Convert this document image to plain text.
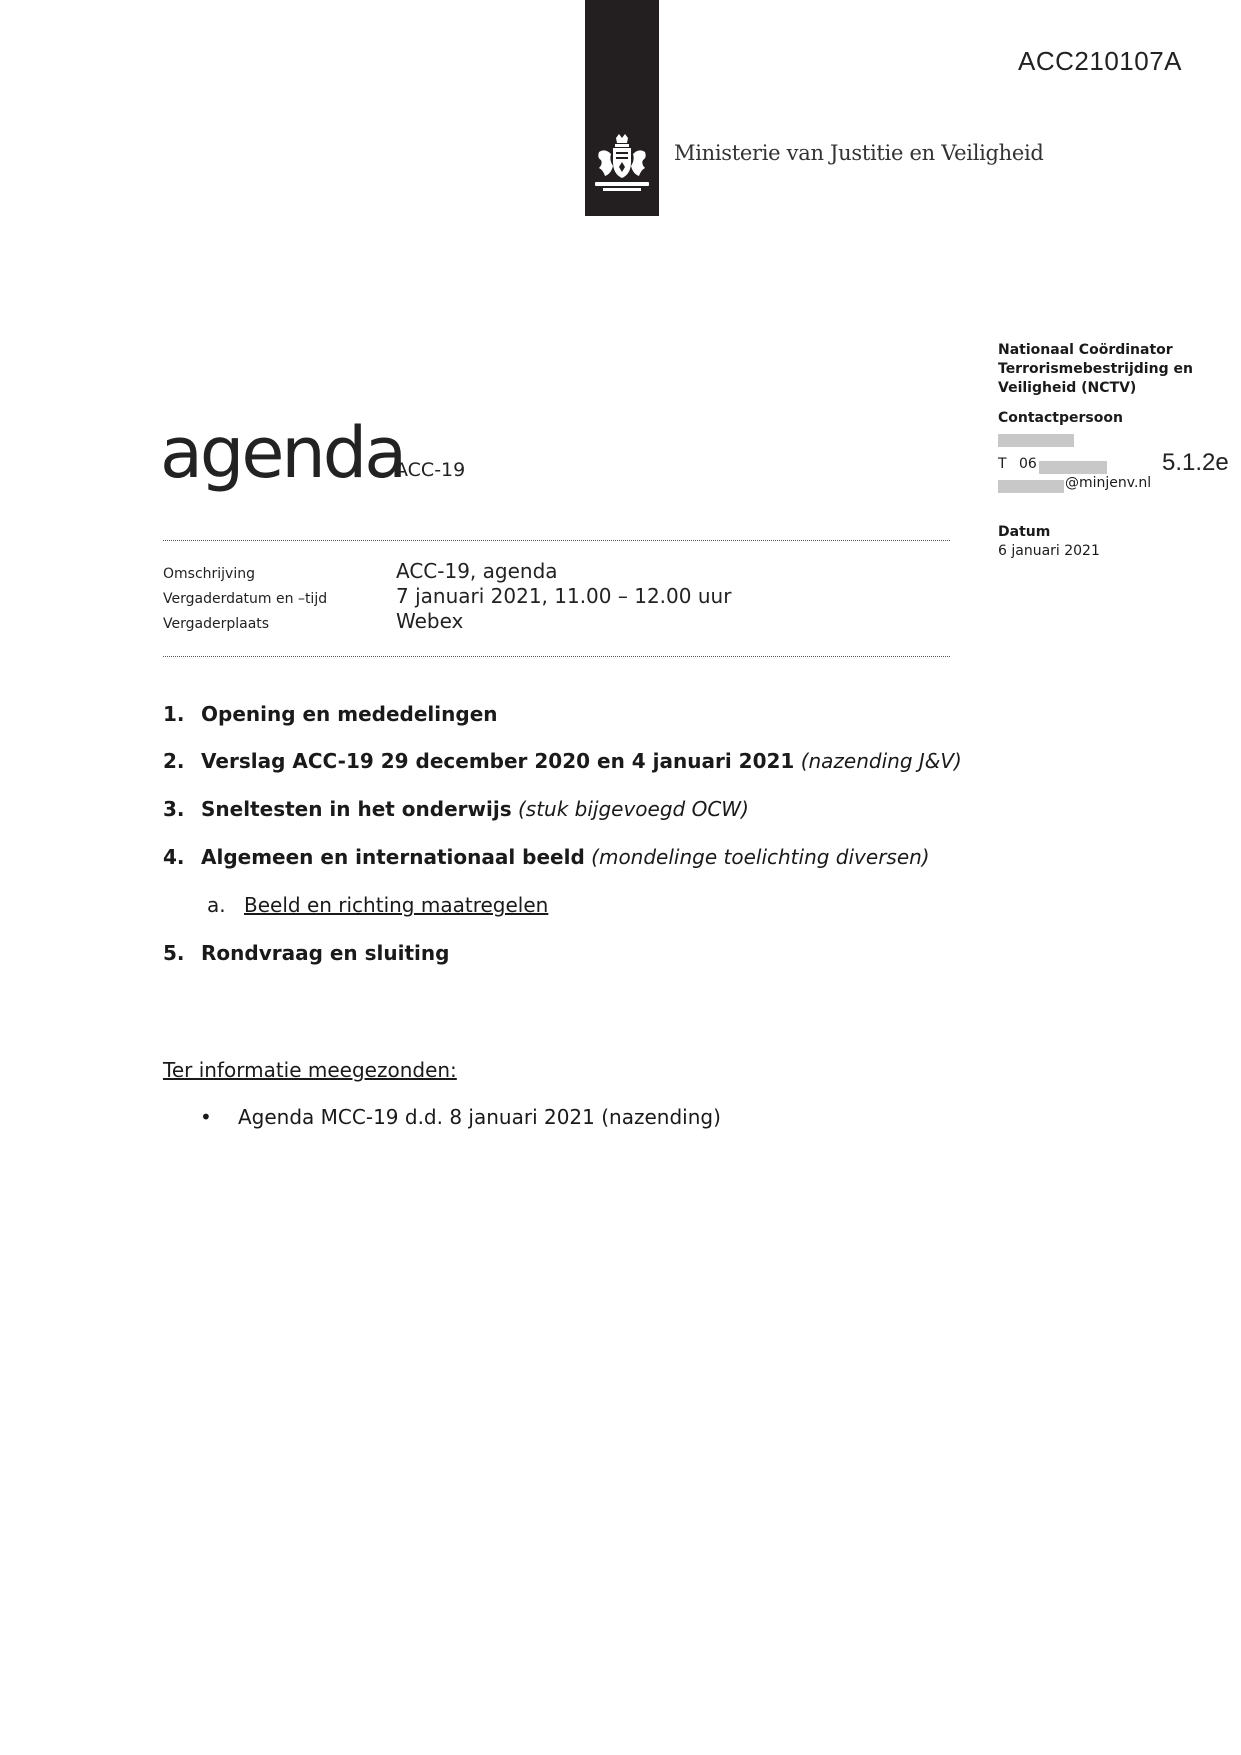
ACC210107A
Ministerie van Justitie en Veiligheid
Nationaal Coördinator Terrorismebestrijding en Veiligheid (NCTV)
Contactpersoon
T 06
@minjenv.nl
5.1.2e
Datum
6 januari 2021
agenda
ACC-19
Omschrijving	ACC-19, agenda
Vergaderdatum en –tijd	7 januari 2021, 11.00 – 12.00 uur
Vergaderplaats	Webex
1. Opening en mededelingen
2. Verslag ACC-19 29 december 2020 en 4 januari 2021 (nazending J&V)
3. Sneltesten in het onderwijs (stuk bijgevoegd OCW)
4. Algemeen en internationaal beeld (mondelinge toelichting diversen)
a. Beeld en richting maatregelen
5. Rondvraag en sluiting
Ter informatie meegezonden:
• Agenda MCC-19 d.d. 8 januari 2021 (nazending)
